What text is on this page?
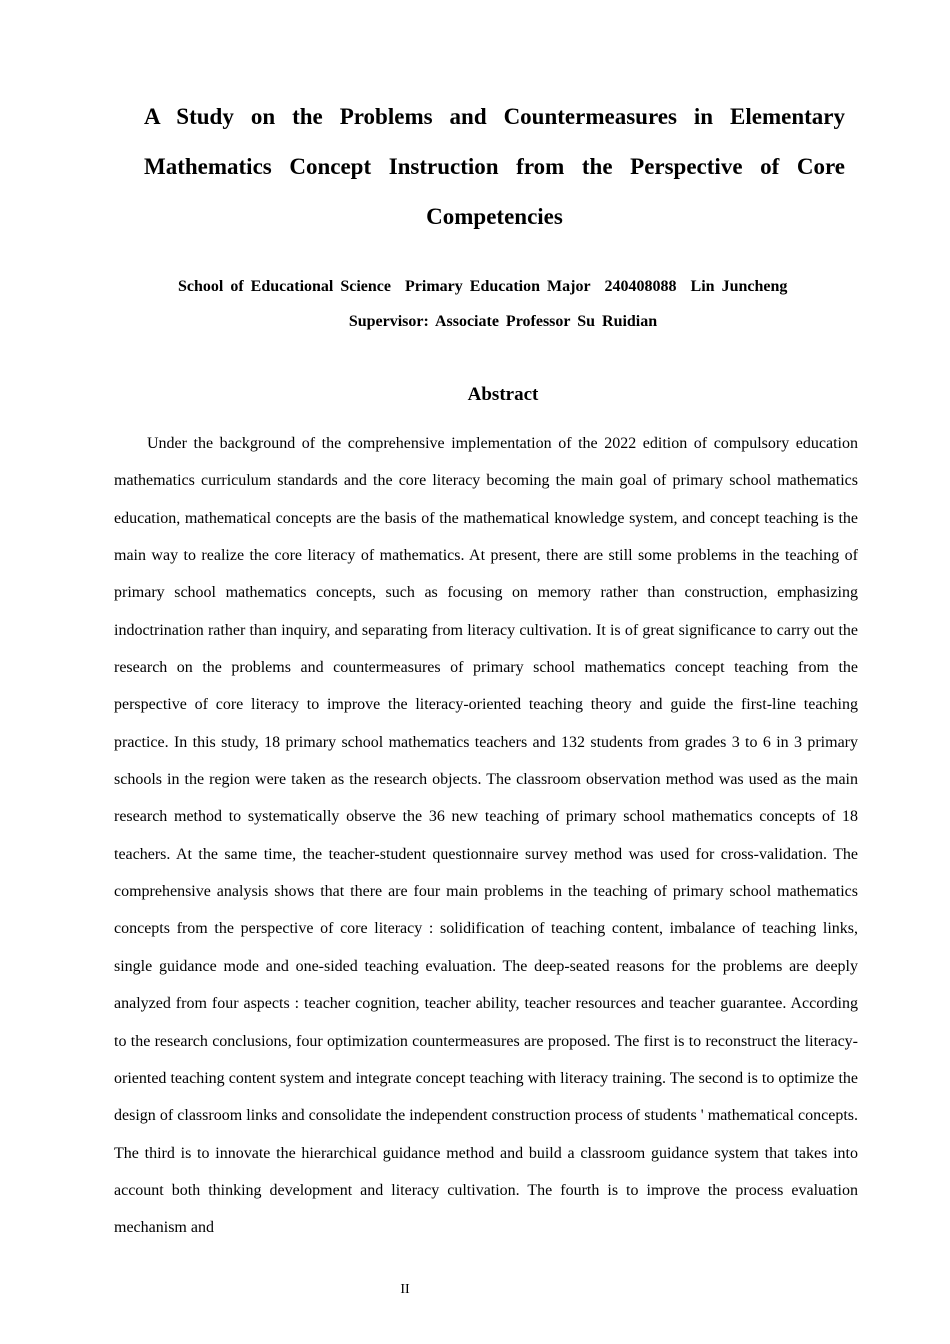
A Study on the Problems and Countermeasures in Elementary Mathematics Concept Instruction from the Perspective of Core Competencies

School of Educational Science Primary Education Major 240408088 Lin Juncheng

Supervisor: Associate Professor Su Ruidian

Abstract

Under the background of the comprehensive implementation of the 2022 edition of compulsory education mathematics curriculum standards and the core literacy becoming the main goal of primary school mathematics education, mathematical concepts are the basis of the mathematical knowledge system, and concept teaching is the main way to realize the core literacy of mathematics. At present, there are still some problems in the teaching of primary school mathematics concepts, such as focusing on memory rather than construction, emphasizing indoctrination rather than inquiry, and separating from literacy cultivation. It is of great significance to carry out the research on the problems and countermeasures of primary school mathematics concept teaching from the perspective of core literacy to improve the literacy-oriented teaching theory and guide the first-line teaching practice. In this study, 18 primary school mathematics teachers and 132 students from grades 3 to 6 in 3 primary schools in the region were taken as the research objects. The classroom observation method was used as the main research method to systematically observe the 36 new teaching of primary school mathematics concepts of 18 teachers. At the same time, the teacher-student questionnaire survey method was used for cross-validation. The comprehensive analysis shows that there are four main problems in the teaching of primary school mathematics concepts from the perspective of core literacy : solidification of teaching content, imbalance of teaching links, single guidance mode and one-sided teaching evaluation. The deep-seated reasons for the problems are deeply analyzed from four aspects : teacher cognition, teacher ability, teacher resources and teacher guarantee. According to the research conclusions, four optimization countermeasures are proposed. The first is to reconstruct the literacy-oriented teaching content system and integrate concept teaching with literacy training. The second is to optimize the design of classroom links and consolidate the independent construction process of students ' mathematical concepts. The third is to innovate the hierarchical guidance method and build a classroom guidance system that takes into account both thinking development and literacy cultivation. The fourth is to improve the process evaluation mechanism and

II
